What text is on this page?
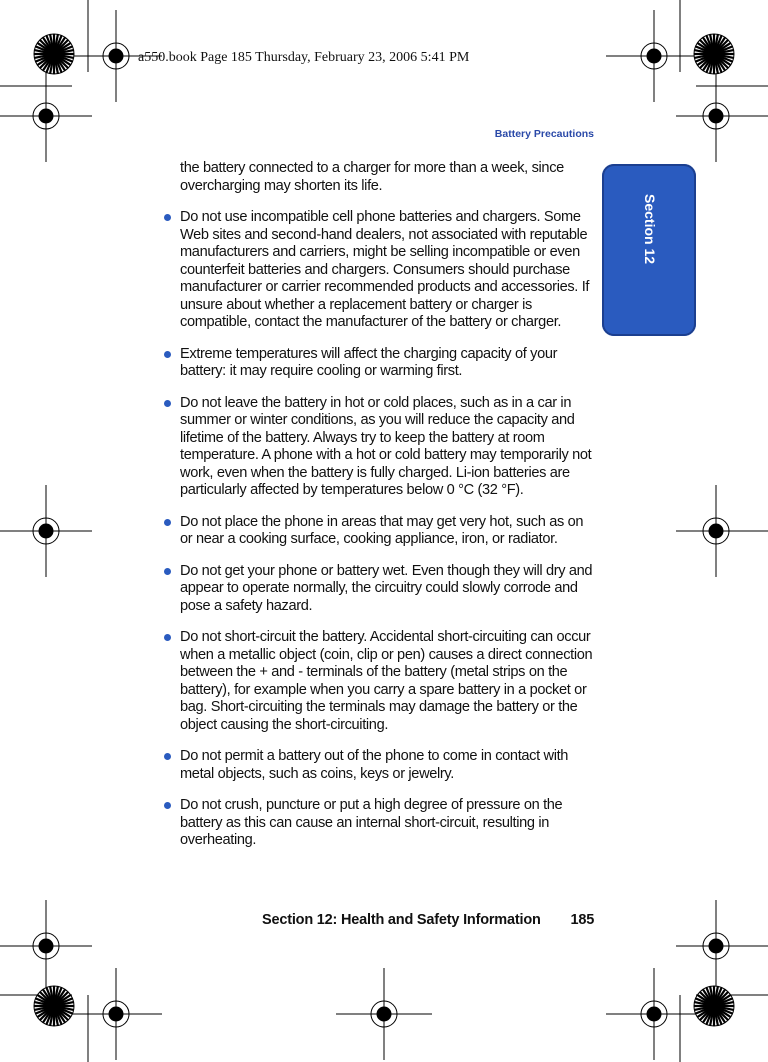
a550.book Page 185 Thursday, February 23, 2006 5:41 PM
Battery Precautions
Section 12

the battery connected to a charger for more than a week, since overcharging may shorten its life.

Do not use incompatible cell phone batteries and chargers. Some Web sites and second-hand dealers, not associated with reputable manufacturers and carriers, might be selling incompatible or even counterfeit batteries and chargers. Consumers should purchase manufacturer or carrier recommended products and accessories. If unsure about whether a replacement battery or charger is compatible, contact the manufacturer of the battery or charger.
Extreme temperatures will affect the charging capacity of your battery: it may require cooling or warming first.
Do not leave the battery in hot or cold places, such as in a car in summer or winter conditions, as you will reduce the capacity and lifetime of the battery. Always try to keep the battery at room temperature. A phone with a hot or cold battery may temporarily not work, even when the battery is fully charged. Li-ion batteries are particularly affected by temperatures below 0 °C (32 °F).
Do not place the phone in areas that may get very hot, such as on or near a cooking surface, cooking appliance, iron, or radiator.
Do not get your phone or battery wet. Even though they will dry and appear to operate normally, the circuitry could slowly corrode and pose a safety hazard.
Do not short-circuit the battery. Accidental short-circuiting can occur when a metallic object (coin, clip or pen) causes a direct connection between the + and - terminals of the battery (metal strips on the battery), for example when you carry a spare battery in a pocket or bag. Short-circuiting the terminals may damage the battery or the object causing the short-circuiting.
Do not permit a battery out of the phone to come in contact with metal objects, such as coins, keys or jewelry.
Do not crush, puncture or put a high degree of pressure on the battery as this can cause an internal short-circuit, resulting in overheating.
Section 12: Health and Safety Information 185
